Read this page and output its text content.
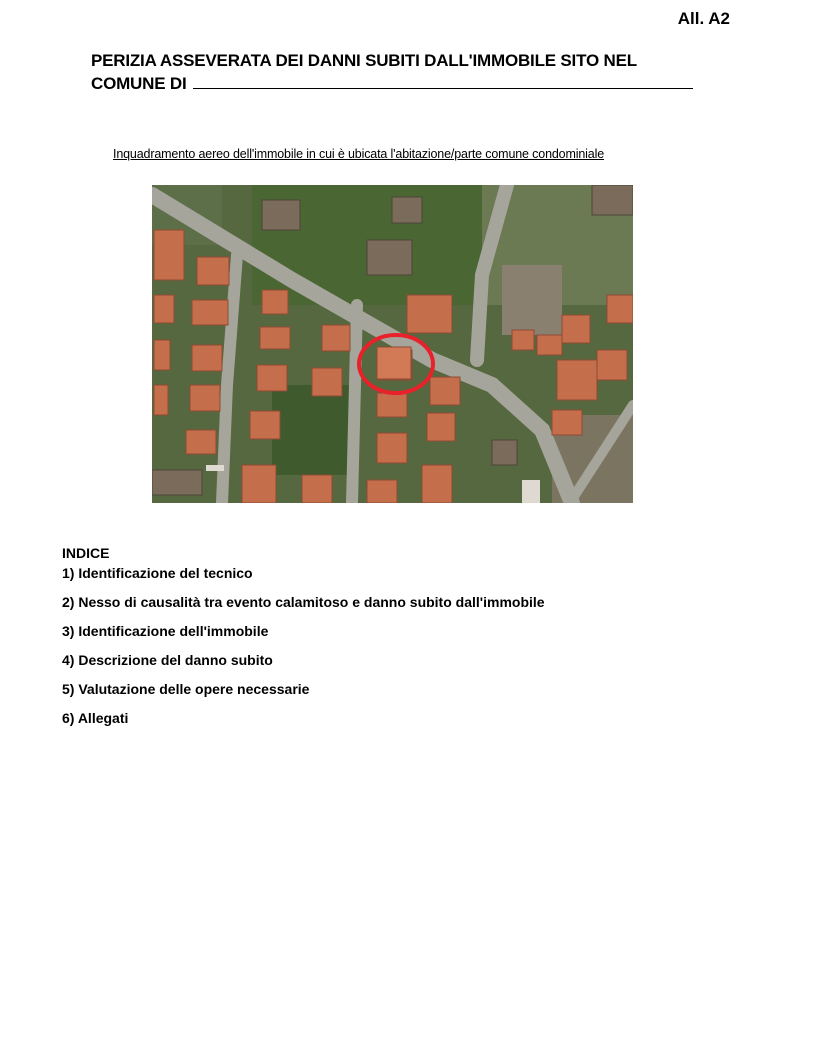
All. A2
PERIZIA ASSEVERATA DEI DANNI SUBITI DALL'IMMOBILE SITO NEL
COMUNE DI
Inquadramento aereo dell'immobile in cui è ubicata l'abitazione/parte comune condominiale
INDICE
1) Identificazione del tecnico
2) Nesso di causalità tra evento calamitoso e danno subito dall'immobile
3) Identificazione dell'immobile
4) Descrizione del danno subito
5) Valutazione delle opere necessarie
6) Allegati
